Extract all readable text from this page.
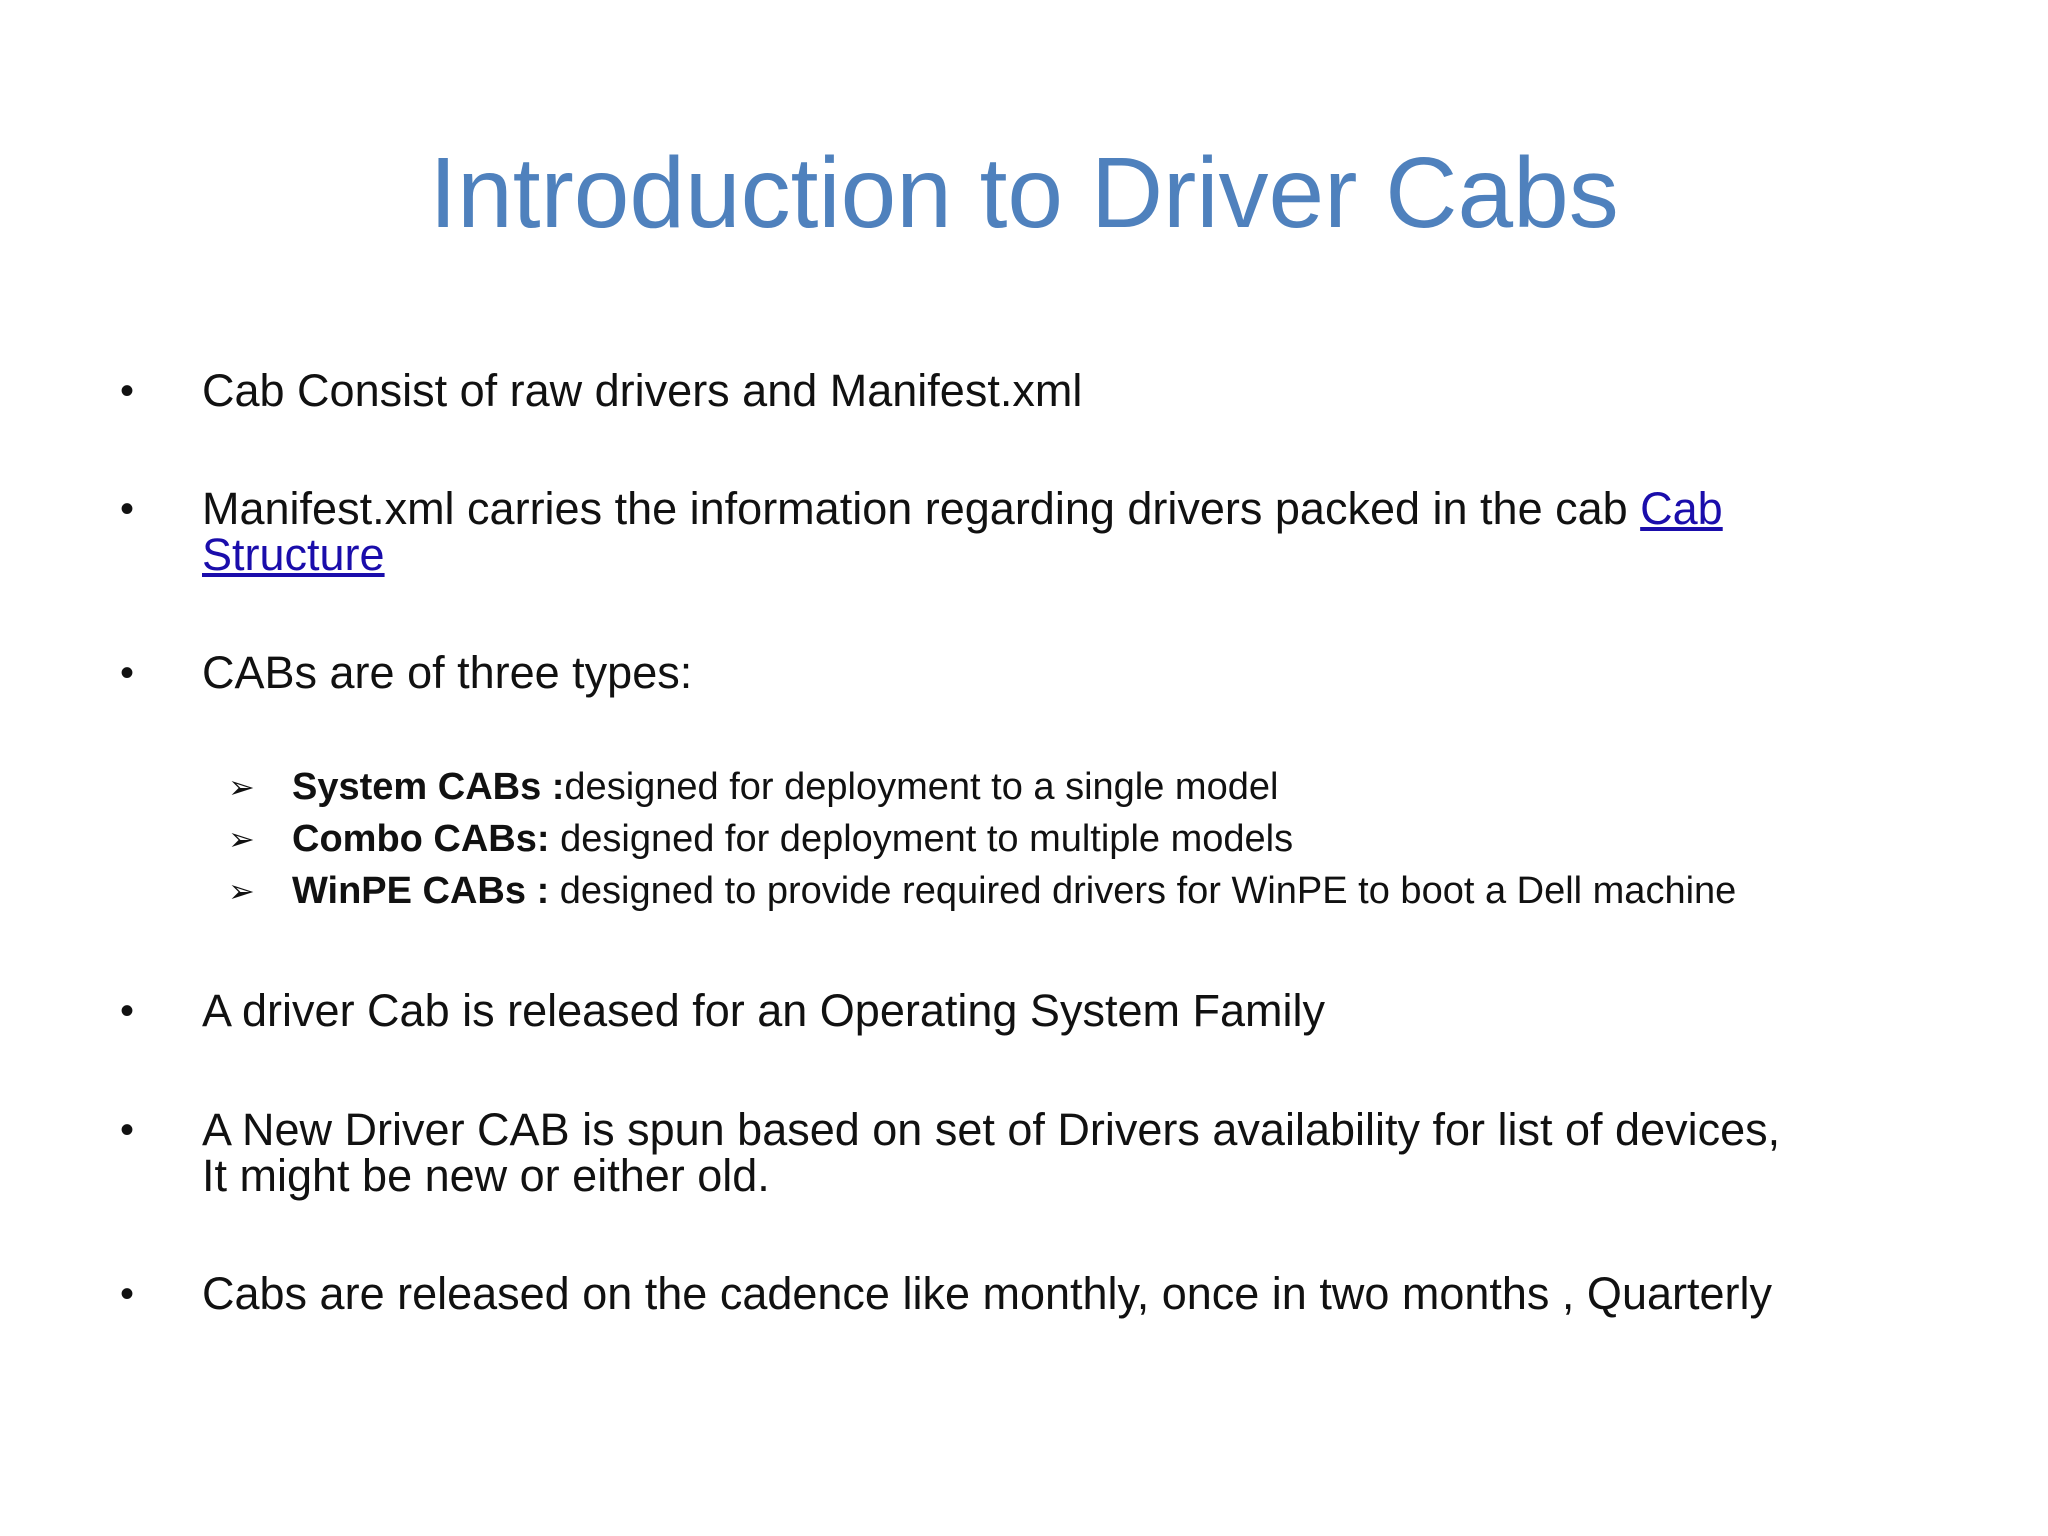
Introduction to Driver Cabs
• Cab Consist of raw drivers and Manifest.xml
• Manifest.xml carries the information regarding drivers packed in the cab Cab
Structure
• CABs are of three types:
➢ System CABs :designed for deployment to a single model
➢ Combo CABs: designed for deployment to multiple models
➢ WinPE CABs : designed to provide required drivers for WinPE to boot a Dell machine
• A driver Cab is released for an Operating System Family
• A New Driver CAB is spun based on set of Drivers availability for list of devices,
It might be new or either old.
• Cabs are released on the cadence like monthly, once in two months , Quarterly
